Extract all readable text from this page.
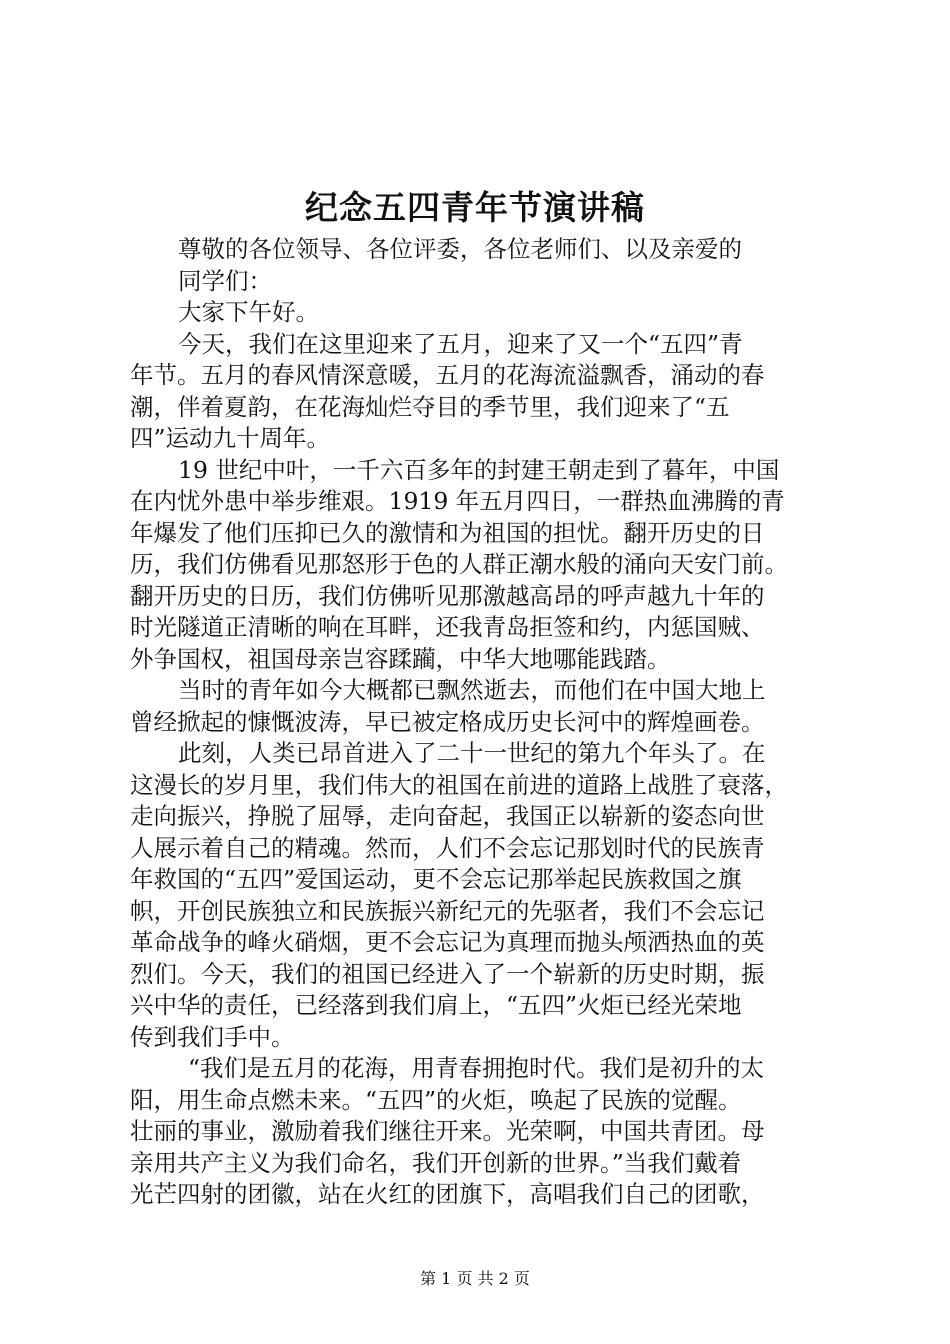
纪念五四青年节演讲稿
尊敬的各位领导、各位评委，各位老师们、以及亲爱的
同学们：
大家下午好。
今天，我们在这里迎来了五月，迎来了又一个“五四”青
年节。五月的春风情深意暖，五月的花海流溢飘香，涌动的春
潮，伴着夏韵，在花海灿烂夺目的季节里，我们迎来了“五
四”运动九十周年。
19 世纪中叶，一千六百多年的封建王朝走到了暮年，中国
在内忧外患中举步维艰。1919 年五月四日，一群热血沸腾的青
年爆发了他们压抑已久的激情和为祖国的担忧。翻开历史的日
历，我们仿佛看见那怒形于色的人群正潮水般的涌向天安门前。
翻开历史的日历，我们仿佛听见那激越高昂的呼声越九十年的
时光隧道正清晰的响在耳畔，还我青岛拒签和约，内惩国贼、
外争国权，祖国母亲岂容蹂躏，中华大地哪能践踏。
当时的青年如今大概都已飘然逝去，而他们在中国大地上
曾经掀起的慷慨波涛，早已被定格成历史长河中的辉煌画卷。
此刻，人类已昂首进入了二十一世纪的第九个年头了。在
这漫长的岁月里，我们伟大的祖国在前进的道路上战胜了衰落，
走向振兴，挣脱了屈辱，走向奋起，我国正以崭新的姿态向世
人展示着自己的精魂。然而，人们不会忘记那划时代的民族青
年救国的“五四”爱国运动，更不会忘记那举起民族救国之旗
帜，开创民族独立和民族振兴新纪元的先驱者，我们不会忘记
革命战争的峰火硝烟，更不会忘记为真理而抛头颅洒热血的英
烈们。今天，我们的祖国已经进入了一个崭新的历史时期，振
兴中华的责任，已经落到我们肩上，“五四”火炬已经光荣地
传到我们手中。
“我们是五月的花海，用青春拥抱时代。我们是初升的太
阳，用生命点燃未来。“五四”的火炬，唤起了民族的觉醒。
壮丽的事业，激励着我们继往开来。光荣啊，中国共青团。母
亲用共产主义为我们命名，我们开创新的世界。”当我们戴着
光芒四射的团徽，站在火红的团旗下，高唱我们自己的团歌，
第 1 页 共 2 页
